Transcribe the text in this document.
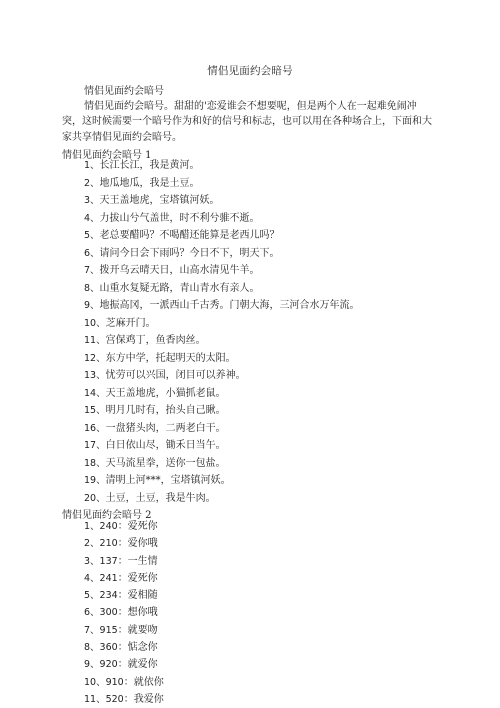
情侣见面约会暗号
情侣见面约会暗号
情侣见面约会暗号。甜甜的'恋爱谁会不想要呢，但是两个人在一起难免闹冲突，这时候需要一个暗号作为和好的信号和标志，也可以用在各种场合上，下面和大家共享情侣见面约会暗号。
情侣见面约会暗号 1
1、长江长江，我是黄河。
2、地瓜地瓜，我是土豆。
3、天王盖地虎，宝塔镇河妖。
4、力拔山兮气盖世，时不利兮骓不逝。
5、老总要醋吗？不喝醋还能算是老西儿吗？
6、请问今日会下雨吗？今日不下，明天下。
7、拨开乌云晴天日，山高水清见牛羊。
8、山重水复疑无路，青山青水有亲人。
9、地振高冈，一派西山千古秀。门朝大海，三河合水万年流。
10、芝麻开门。
11、宫保鸡丁，鱼香肉丝。
12、东方中学，托起明天的太阳。
13、忧劳可以兴国，闭目可以养神。
14、天王盖地虎，小猫抓老鼠。
15、明月几时有，抬头自己瞅。
16、一盘猪头肉，二两老白干。
17、白日依山尽，锄禾日当午。
18、天马流星拳，送你一包盐。
19、清明上河***，宝塔镇河妖。
20、土豆，土豆，我是牛肉。
情侣见面约会暗号 2
1、240：爱死你
2、210：爱你哦
3、137：一生情
4、241：爱死你
5、234：爱相随
6、300：想你哦
7、915：就要吻
8、360：惦念你
9、920：就爱你
10、910：就依你
11、520：我爱你
